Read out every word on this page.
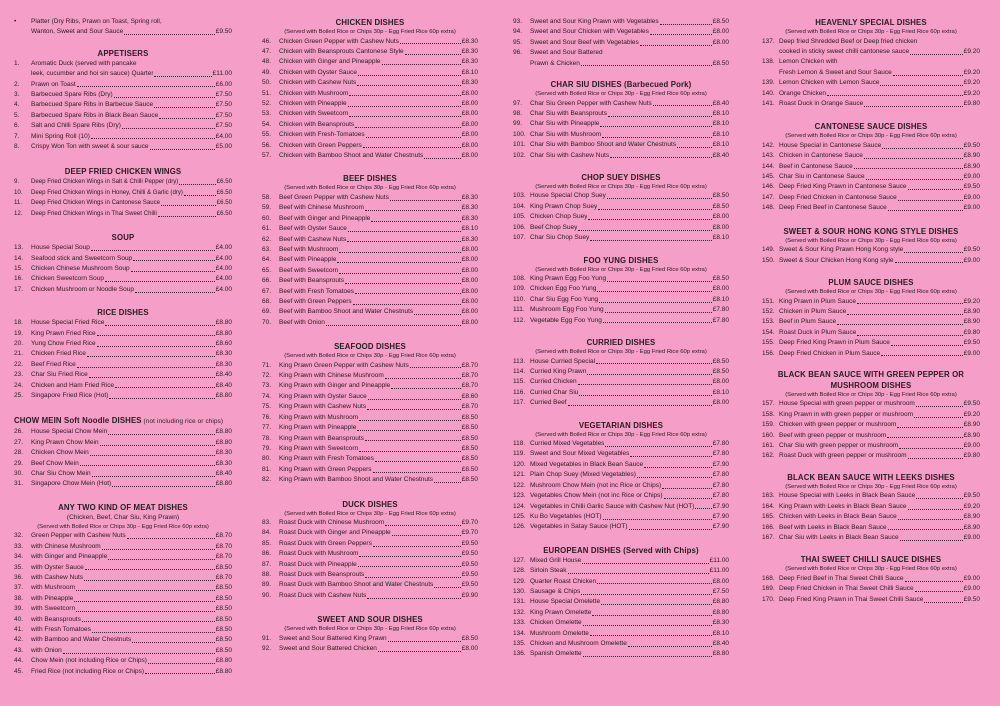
•	Platter (Dry Ribs, Prawn on Toast, Spring roll,
Wanton, Sweet and Sour Sauce	£9.50
APPETISERS
1.	Aromatic Duck (served with pancake
leek, cucumber and hoi sin sauce) Quarter	£11.00
2.	Prawn on Toast	£6.00
3.	Barbecued Spare Ribs (Dry)	£7.50
4.	Barbecued Spare Ribs in Barbecue Sauce	£7.50
5.	Barbecued Spare Ribs in Black Bean Sauce	£7.50
6.	Salt and Chilli Spare Ribs (Dry)	£7.50
7.	Mini Spring Roll (10)	£4.00
8.	Crispy Won Ton with sweet & sour sauce	£5.00
DEEP FRIED CHICKEN WINGS
9.	Deep Fried Chicken Wings in Salt & Chilli Pepper (dry)	£6.50
10.	Deep Fried Chicken Wings in Honey, Chilli & Garlic (dry)	£6.50
11.	Deep Fried Chicken Wings in Cantonese Sauce	£6.50
12.	Deep Fried Chicken Wings in Thai Sweet Chilli	£6.50
SOUP
13.	House Special Soup	£4.00
14.	Seafood stick and Sweetcorn Soup	£4.00
15.	Chicken Chinese Mushroom Soup	£4.00
16.	Chicken Sweetcorn Soup	£4.00
17.	Chicken Mushroom or Noodle Soup	£4.00
RICE DISHES
18.	House Special Fried Rice	£8.80
19.	King Prawn Fried Rice	£8.80
20.	Yung Chow Fried Rice	£8.60
21.	Chicken Fried Rice	£8.30
22.	Beef Fried Rice	£8.30
23.	Char Siu Fried Rice	£8.40
24.	Chicken and Ham Fried Rice	£8.40
25.	Singapore Fried Rice (Hot)	£8.80
CHOW MEIN Soft Noodle DISHES (not including rice or chips)
26.	House Special Chow Mein	£8.80
27.	King Prawn Chow Mein	£8.80
28.	Chicken Chow Mein	£8.30
29.	Beef Chow Mein	£8.30
30.	Char Siu Chow Mein	£8.40
31.	Singapore Chow Mein (Hot)	£8.80
ANY TWO KIND OF MEAT DISHES
(Chicken, Beef, Char Siu, King Prawn)
(Served with Boiled Rice or Chips 30p - Egg Fried Rice 60p extra)
32.	Green Pepper with Cashew Nuts	£8.70
33.	with Chinese Mushroom	£8.70
34.	with Ginger and Pineapple	£8.70
35.	with Oyster Sauce	£8.50
36.	with Cashew Nuts	£8.70
37.	with Mushroom	£8.50
38.	with Pineapple	£8.50
39.	with Sweetcorn	£8.50
40.	with Beansprouts	£8.50
41.	with Fresh Tomatoes	£8.50
42.	with Bamboo and Water Chestnuts	£8.50
43.	with Onion	£8.50
44.	Chow Mein (not including Rice or Chips)	£8.80
45.	Fried Rice (not including Rice or Chips)	£8.80
CHICKEN DISHES
(Served with Boiled Rice or Chips 30p - Egg Fried Rice 60p extra)
46.	Chicken Green Pepper with Cashew Nuts	£8.30
47.	Chicken with Beansprouts Cantonese Style	£8.30
48.	Chicken with Ginger and Pineapple	£8.30
49.	Chicken with Oyster Sauce	£8.10
50.	Chicken with Cashew Nuts	£8.30
51.	Chicken with Mushroom	£8.00
52.	Chicken with Pineapple	£8.00
53.	Chicken with Sweetcorn	£8.00
54.	Chicken with Beansprouts	£8.00
55.	Chicken with Fresh-Tomatoes	£8.00
56.	Chicken with Green Peppers	£8.00
57.	Chicken with Bamboo Shoot and Water Chestnuts	£8.00
BEEF DISHES
(Served with Boiled Rice or Chips 30p - Egg Fried Rice 60p extra)
58.	Beef Green Pepper with Cashew Nuts	£8.30
59.	Beef with Chinese Mushroom	£8.30
60.	Beef with Ginger and Pineapple	£8.30
61.	Beef with Oyster Sauce	£8.10
62.	Beef with Cashew Nuts	£8.30
63.	Beef with Mushroom	£8.00
64.	Beef with Pineapple	£8.00
65.	Beef with Sweetcorn	£8.00
66.	Beef with Beansprouts	£8.00
67.	Beef with Fresh Tomatoes	£8.00
68.	Beef with Green Peppers	£8.00
69.	Beef with Bamboo Shoot and Water Chestnuts	£8.00
70.	Beef with Onion	£8.00
SEAFOOD DISHES
(Served with Boiled Rice or Chips 30p - Egg Fried Rice 60p extra)
71.	King Prawn Green Pepper with Cashew Nuts	£8.70
72.	King Prawn with Chinese Mushroom	£8.70
73.	King Prawn with Ginger and Pineapple	£8.70
74.	King Prawn with Oyster Sauce	£8.60
75.	King Prawn with Cashew Nuts	£8.70
76.	King Prawn with Mushroom	£8.50
77.	King Prawn with Pineapple	£8.50
78.	King Prawn with Beansprouts	£8.50
79.	King Prawn with Sweetcorn	£8.50
80.	King Prawn with Fresh Tomatoes	£8.50
81.	King Prawn with Green Peppers	£8.50
82.	King Prawn with Bamboo Shoot and Water Chestnuts	£8.50
DUCK DISHES
(Served with Boiled Rice or Chips 30p - Egg Fried Rice 60p extra)
83.	Roast Duck with Chinese Mushroom	£9.70
84.	Roast Duck with Ginger and Pineapple	£9.70
85.	Roast Duck with Green Peppers	£9.50
86.	Roast Duck with Mushroom	£9.50
87.	Roast Duck with Pineapple	£9.50
88.	Roast Duck with Beansprouts	£9.50
89.	Roast Duck with Bamboo Shoot and Water Chestnuts	£9.50
90.	Roast Duck with Cashew Nuts	£9.90
SWEET AND SOUR DISHES
(Served with Boiled Rice or Chips 30p - Egg Fried Rice 60p extra)
91.	Sweet and Sour Battered King Prawn	£8.50
92.	Sweet and Sour Battered Chicken	£8.00
93.	Sweet and Sour King Prawn with Vegetables	£8.50
94.	Sweet and Sour Chicken with Vegetables	£8.00
95.	Sweet and Sour Beef with Vegetables	£8.00
96.	Sweet and Sour Battered
Prawn & Chicken	£8.50
CHAR SIU DISHES (Barbecued Pork)
(Served with Boiled Rice or Chips 30p - Egg Fried Rice 60p extra)
97.	Char Siu Green Pepper with Cashew Nuts	£8.40
98.	Char Siu with Beansprouts	£8.10
99.	Char Siu with Pineapple	£8.10
100. Char Siu with Mushroom	£8.10
101. Char Siu with Bamboo Shoot and Water Chestnuts	£8.10
102. Char Siu with Cashew Nuts	£8.40
CHOP SUEY DISHES
(Served with Boiled Rice or Chips 30p - Egg Fried Rice 60p extra)
103. House Special Chop Suey	£8.50
104. King Prawn Chop Suey	£8.50
105. Chicken Chop Suey	£8.00
106. Beef Chop Suey	£8.00
107. Char Siu Chop Suey	£8.10
FOO YUNG DISHES
(Served with Boiled Rice or Chips 30p - Egg Fried Rice 60p extra)
108. King Prawn Egg Foo Yung	£8.50
109. Chicken Egg Foo Yung	£8.00
110. Char Siu Egg Foo Yung	£8.10
111. Mushroom Egg Foo Yung	£7.80
112. Vegetable Egg Foo Yung	£7.80
CURRIED DISHES
(Served with Boiled Rice or Chips 30p - Egg Fried Rice 60p extra)
113. House Curried Special	£8.50
114. Curried King Prawn	£8.50
115. Curried Chicken	£8.00
116. Curried Char Siu	£8.10
117. Curried Beef	£8.00
VEGETARIAN DISHES
(Served with Boiled Rice or Chips 30p - Egg Fried Rice 60p extra)
118. Curried Mixed Vegetables	£7.80
119. Sweet and Sour Mixed Vegetables	£7.80
120. Mixed Vegetables in Black Bean Sauce	£7.90
121. Plain Chop Suey (Mixed Vegetables)	£7.80
122. Mushroom Chow Mein (not inc Rice or Chips)	£7.80
123. Vegetables Chow Mein (not inc Rice or Chips)	£7.80
124. Vegetables in Chilli Garlic Sauce with Cashew Nut (HOT)	£7.90
125. Ku Bo Vegetables (HOT)	£7.90
126. Vegetables in Satay Sauce (HOT)	£7.90
EUROPEAN DISHES (Served with Chips)
127. Mixed Grill House	£11.00
128. Sirloin Steak	£11.00
129. Quarter Roast Chicken	£8.00
130. Sausage & Chips	£7.50
131. House Special Omelette	£8.80
132. King Prawn Omelette	£8.80
133. Chicken Omelette	£8.30
134. Mushroom Omelette	£8.10
135. Chicken and Mushroom Omelette	£8.40
136. Spanish Omelette	£8.80
HEAVENLY SPECIAL DISHES
(Served with Boiled Rice or Chips 30p - Egg Fried Rice 60p extra)
137. Deep fried Shredded Beef or Deep fried chicken
cooked in sticky sweet chilli cantonese sauce	£9.20
138. Lemon Chicken with
Fresh Lemon & Sweet and Sour Sauce	£9.20
139. Lemon Chicken with Lemon Sauce	£9.20
140. Orange Chicken	£9.20
141. Roast Duck in Orange Sauce	£9.80
CANTONESE SAUCE DISHES
(Served with Boiled Rice or Chips 30p - Egg Fried Rice 60p extra)
142. House Special in Cantonese Sauce	£9.50
143. Chicken in Cantonese Sauce	£8.90
144. Beef in Cantonese Sauce	£8.90
145. Char Siu in Cantonese Sauce	£9.00
146. Deep Fried King Prawn in Cantonese Sauce	£9.50
147. Deep Fried Chicken in Cantonese Sauce	£9.00
148. Deep Fried Beef in Cantonese Sauce	£9.00
SWEET & SOUR HONG KONG STYLE DISHES
(Served with Boiled Rice or Chips 30p - Egg Fried Rice 60p extra)
149. Sweet & Sour King Prawn Hong Kong style	£9.50
150. Sweet & Sour Chicken Hong Kong style	£9.00
PLUM SAUCE DISHES
(Served with Boiled Rice or Chips 30p - Egg Fried Rice 60p extra)
151. King Prawn in Plum Sauce	£9.20
152. Chicken in Plum Sauce	£8.90
153. Beef in Plum Sauce	£8.90
154. Roast Duck in Plum Sauce	£9.80
155. Deep Fried King Prawn in Plum Sauce	£9.50
156. Deep Fried Chicken in Plum Sauce	£9.00
BLACK BEAN SAUCE WITH GREEN PEPPER OR
MUSHROOM DISHES
(Served with Boiled Rice or Chips 30p - Egg Fried Rice 60p extra)
157. House Special with green pepper or mushroom	£9.50
158. King Prawn in with green pepper or mushroom	£9.20
159. Chicken with green pepper or mushroom	£8.90
160. Beef with green pepper or mushroom	£8.90
161. Char Siu with green pepper or mushroom	£9.00
162. Roast Duck with green pepper or mushroom	£9.80
BLACK BEAN SAUCE WITH LEEKS DISHES
(Served with Boiled Rice or Chips 30p - Egg Fried Rice 60p extra)
163. House Special with Leeks in Black Bean Sauce	£9.50
164. King Prawn with Leeks in Black Bean Sauce	£9.20
165. Chicken with Leeks in Black Bean Sauce	£8.90
166. Beef with Leeks in Black Bean Sauce	£8.90
167. Char Siu with Leeks in Black Bean Sauce	£9.00
THAI SWEET CHILLI SAUCE DISHES
(Served with Boiled Rice or Chips 30p - Egg Fried Rice 60p extra)
168. Deep Fried Beef in Thai Sweet Chilli Sauce	£9.00
169. Deep Fried Chicken in Thai Sweet Chilli Sauce	£9.00
170. Deep Fried King Prawn in Thai Sweet Chilli Sauce	£9.50
